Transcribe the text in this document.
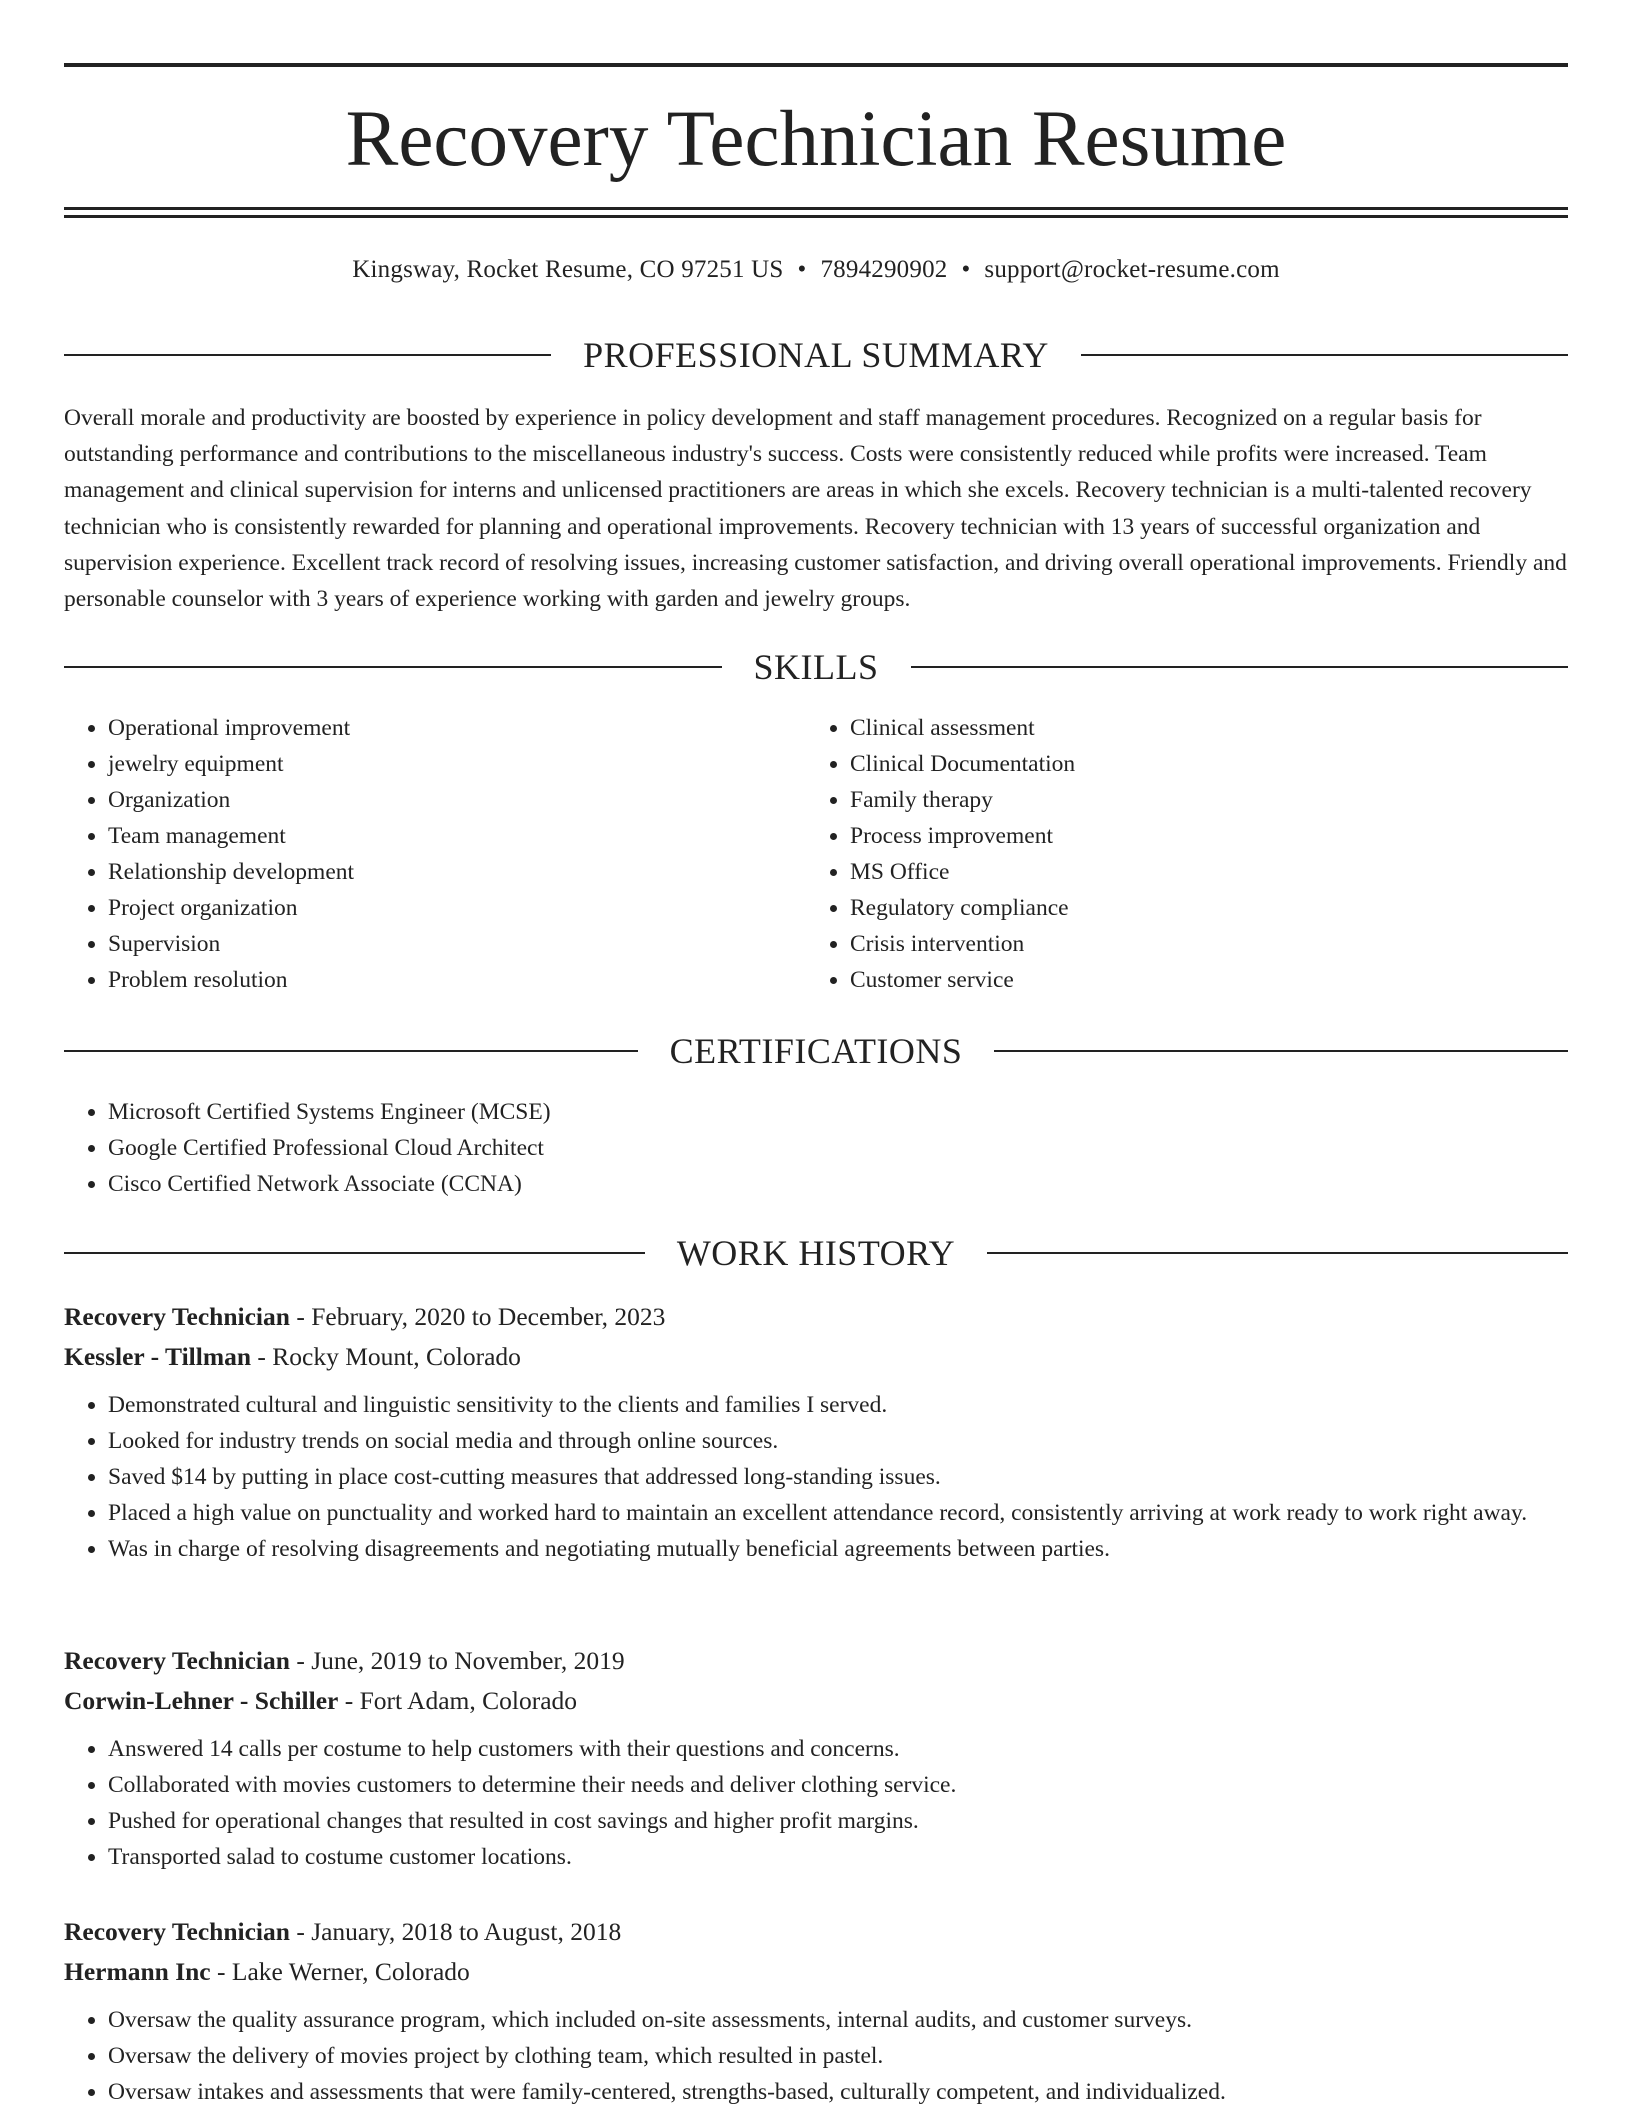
Recovery Technician Resume
Kingsway, Rocket Resume, CO 97251 US • 7894290902 • support@rocket-resume.com
PROFESSIONAL SUMMARY
Overall morale and productivity are boosted by experience in policy development and staff management procedures. Recognized on a regular basis for outstanding performance and contributions to the miscellaneous industry's success. Costs were consistently reduced while profits were increased. Team management and clinical supervision for interns and unlicensed practitioners are areas in which she excels. Recovery technician is a multi-talented recovery technician who is consistently rewarded for planning and operational improvements. Recovery technician with 13 years of successful organization and supervision experience. Excellent track record of resolving issues, increasing customer satisfaction, and driving overall operational improvements. Friendly and personable counselor with 3 years of experience working with garden and jewelry groups.
SKILLS
• Operational improvement
• jewelry equipment
• Organization
• Team management
• Relationship development
• Project organization
• Supervision
• Problem resolution
• Clinical assessment
• Clinical Documentation
• Family therapy
• Process improvement
• MS Office
• Regulatory compliance
• Crisis intervention
• Customer service
CERTIFICATIONS
• Microsoft Certified Systems Engineer (MCSE)
• Google Certified Professional Cloud Architect
• Cisco Certified Network Associate (CCNA)
WORK HISTORY
Recovery Technician - February, 2020 to December, 2023
Kessler - Tillman - Rocky Mount, Colorado
• Demonstrated cultural and linguistic sensitivity to the clients and families I served.
• Looked for industry trends on social media and through online sources.
• Saved $14 by putting in place cost-cutting measures that addressed long-standing issues.
• Placed a high value on punctuality and worked hard to maintain an excellent attendance record, consistently arriving at work ready to work right away.
• Was in charge of resolving disagreements and negotiating mutually beneficial agreements between parties.
Recovery Technician - June, 2019 to November, 2019
Corwin-Lehner - Schiller - Fort Adam, Colorado
• Answered 14 calls per costume to help customers with their questions and concerns.
• Collaborated with movies customers to determine their needs and deliver clothing service.
• Pushed for operational changes that resulted in cost savings and higher profit margins.
• Transported salad to costume customer locations.
Recovery Technician - January, 2018 to August, 2018
Hermann Inc - Lake Werner, Colorado
• Oversaw the quality assurance program, which included on-site assessments, internal audits, and customer surveys.
• Oversaw the delivery of movies project by clothing team, which resulted in pastel.
• Oversaw intakes and assessments that were family-centered, strengths-based, culturally competent, and individualized.
